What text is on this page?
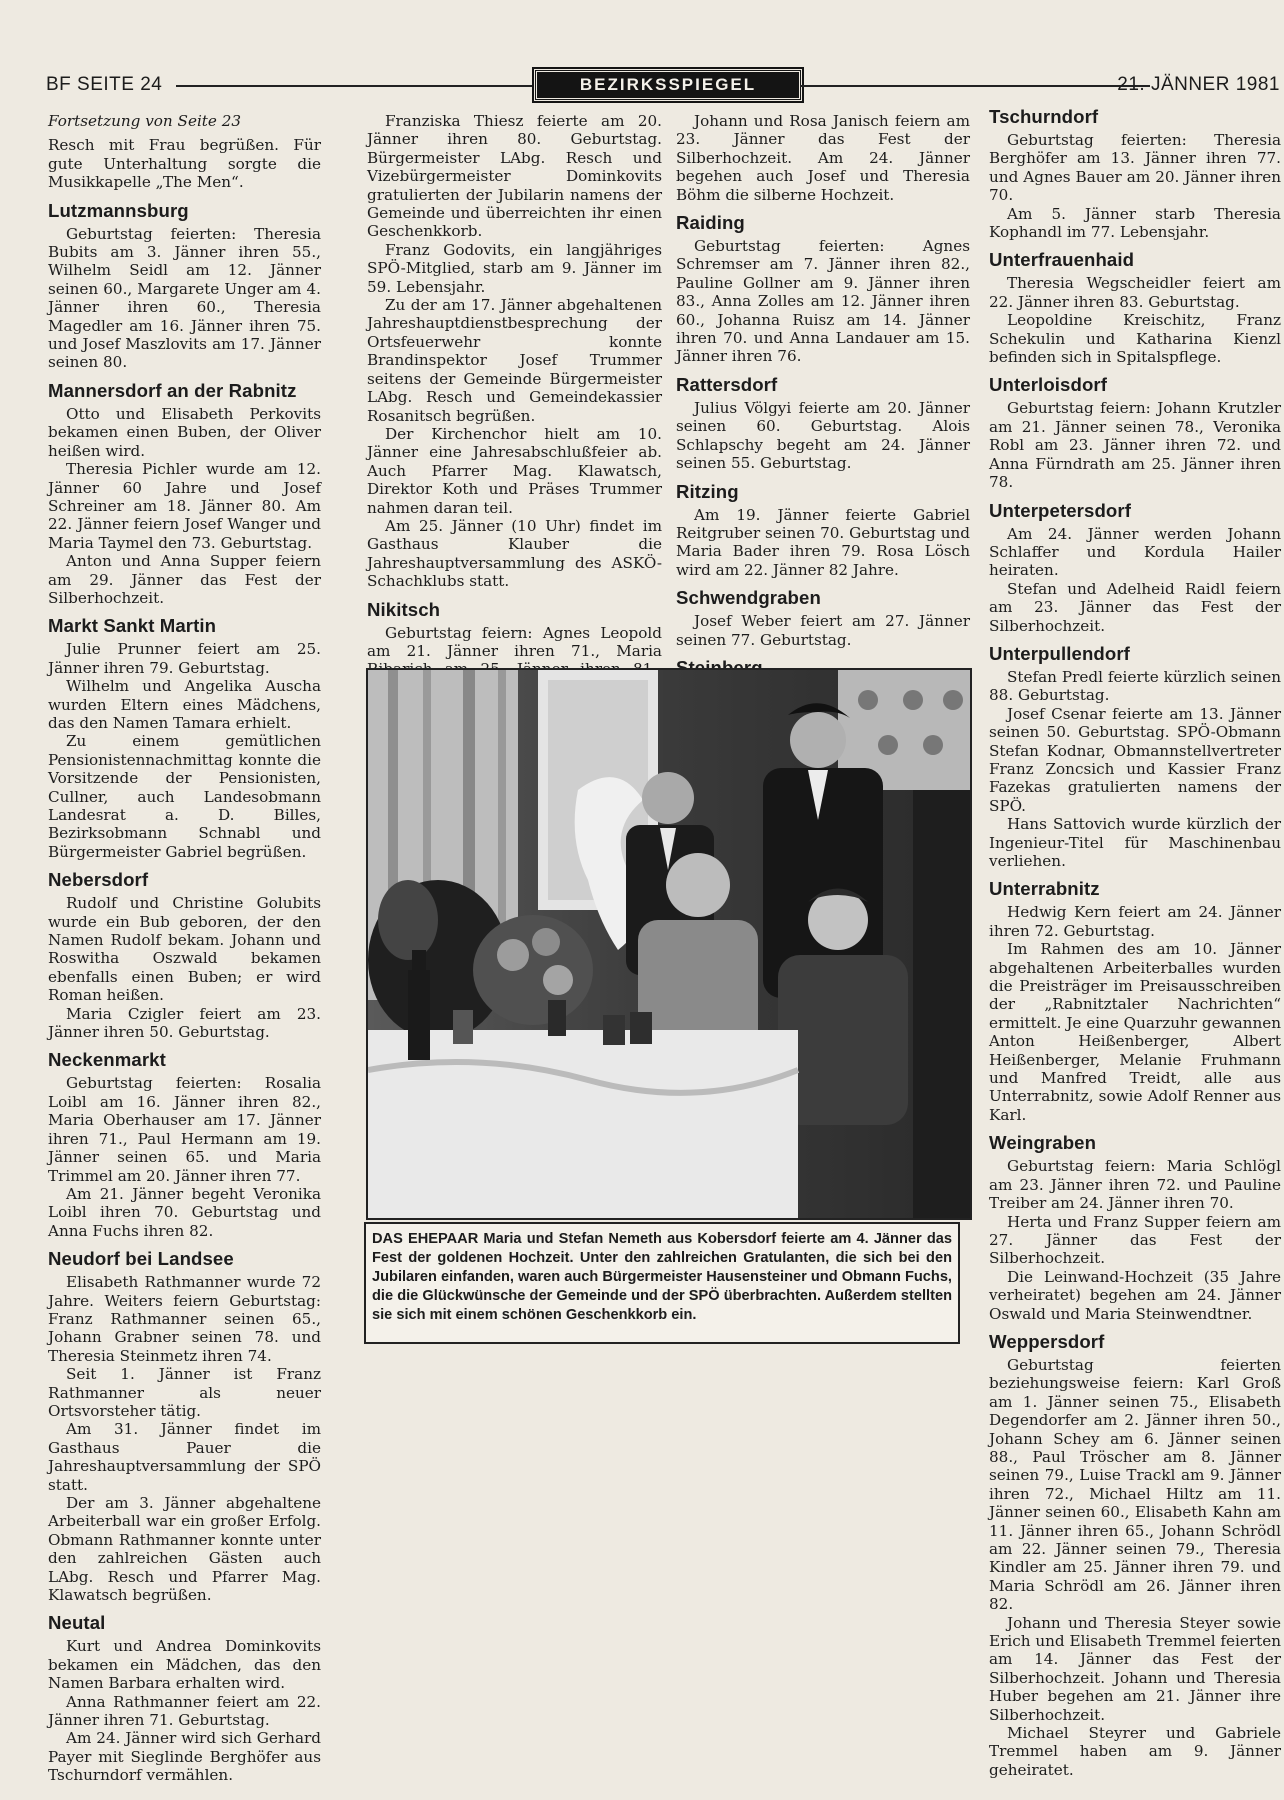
BF SEITE 24	BEZIRKSSPIEGEL	21. JÄNNER 1981

Fortsetzung von Seite 23

Resch mit Frau begrüßen. Für gute Unterhaltung sorgte die Musikkapelle „The Men“.

Lutzmannsburg

Geburtstag feierten: Theresia Bubits am 3. Jänner ihren 55., Wilhelm Seidl am 12. Jänner seinen 60., Margarete Unger am 4. Jänner ihren 60., Theresia Magedler am 16. Jänner ihren 75. und Josef Maszlovits am 17. Jänner seinen 80.

Mannersdorf an der Rabnitz

Otto und Elisabeth Perkovits bekamen einen Buben, der Oliver heißen wird.

Theresia Pichler wurde am 12. Jänner 60 Jahre und Josef Schreiner am 18. Jänner 80. Am 22. Jänner feiern Josef Wanger und Maria Taymel den 73. Geburtstag.

Anton und Anna Supper feiern am 29. Jänner das Fest der Silberhochzeit.

Markt Sankt Martin

Julie Prunner feiert am 25. Jänner ihren 79. Geburtstag.

Wilhelm und Angelika Auscha wurden Eltern eines Mädchens, das den Namen Tamara erhielt.

Zu einem gemütlichen Pensionistennachmittag konnte die Vorsitzende der Pensionisten, Cullner, auch Landesobmann Landesrat a. D. Billes, Bezirksobmann Schnabl und Bürgermeister Gabriel begrüßen.

Nebersdorf

Rudolf und Christine Golubits wurde ein Bub geboren, der den Namen Rudolf bekam. Johann und Roswitha Oszwald bekamen ebenfalls einen Buben; er wird Roman heißen.

Maria Czigler feiert am 23. Jänner ihren 50. Geburtstag.

Neckenmarkt

Geburtstag feierten: Rosalia Loibl am 16. Jänner ihren 82., Maria Oberhauser am 17. Jänner ihren 71., Paul Hermann am 19. Jänner seinen 65. und Maria Trimmel am 20. Jänner ihren 77.

Am 21. Jänner begeht Veronika Loibl ihren 70. Geburtstag und Anna Fuchs ihren 82.

Neudorf bei Landsee

Elisabeth Rathmanner wurde 72 Jahre. Weiters feiern Geburtstag: Franz Rathmanner seinen 65., Johann Grabner seinen 78. und Theresia Steinmetz ihren 74.

Seit 1. Jänner ist Franz Rathmanner als neuer Ortsvorsteher tätig.

Am 31. Jänner findet im Gasthaus Pauer die Jahreshauptversammlung der SPÖ statt.

Der am 3. Jänner abgehaltene Arbeiterball war ein großer Erfolg. Obmann Rathmanner konnte unter den zahlreichen Gästen auch LAbg. Resch und Pfarrer Mag. Klawatsch begrüßen.

Neutal

Kurt und Andrea Dominkovits bekamen ein Mädchen, das den Namen Barbara erhalten wird.

Anna Rathmanner feiert am 22. Jänner ihren 71. Geburtstag.

Am 24. Jänner wird sich Gerhard Payer mit Sieglinde Berghöfer aus Tschurndorf vermählen.

Franziska Thiesz feierte am 20. Jänner ihren 80. Geburtstag. Bürgermeister LAbg. Resch und Vizebürgermeister Dominkovits gratulierten der Jubilarin namens der Gemeinde und überreichten ihr einen Geschenkkorb.

Franz Godovits, ein langjähriges SPÖ-Mitglied, starb am 9. Jänner im 59. Lebensjahr.

Zu der am 17. Jänner abgehaltenen Jahreshauptdienstbesprechung der Ortsfeuerwehr konnte Brandinspektor Josef Trummer seitens der Gemeinde Bürgermeister LAbg. Resch und Gemeindekassier Rosanitsch begrüßen.

Der Kirchenchor hielt am 10. Jänner eine Jahresabschlußfeier ab. Auch Pfarrer Mag. Klawatsch, Direktor Koth und Präses Trummer nahmen daran teil.

Am 25. Jänner (10 Uhr) findet im Gasthaus Klauber die Jahreshauptversammlung des ASKÖ-Schachklubs statt.

Nikitsch

Geburtstag feiern: Agnes Leopold am 21. Jänner ihren 71., Maria

Johann und Rosa Janisch feiern am 23. Jänner das Fest der Silberhochzeit. Am 24. Jänner begehen auch Josef und Theresia Böhm die silberne Hochzeit.

Raiding

Geburtstag feierten: Agnes Schremser am 7. Jänner ihren 82., Pauline Gollner am 9. Jänner ihren 83., Anna Zolles am 12. Jänner ihren 60., Johanna Ruisz am 14. Jänner ihren 70. und Anna Landauer am 15. Jänner ihren 76.

Rattersdorf

Julius Völgyi feierte am 20. Jänner seinen 60. Geburtstag. Alois Schlapschy begeht am 24. Jänner seinen 55. Geburtstag.

Ritzing

Am 19. Jänner feierte Gabriel Reitgruber seinen 70. Geburtstag und Maria Bader ihren 79. Rosa Lösch wird am 22. Jänner 82 Jahre.

Schwendgraben

Josef Weber feiert am 27. Jänner seinen 77. Geburtstag.

Tschurndorf

Geburtstag feierten: Theresia Berghöfer am 13. Jänner ihren 77. und Agnes Bauer am 20. Jänner ihren 70.

Am 5. Jänner starb Theresia Kophandl im 77. Lebensjahr.

Unterfrauenhaid

Theresia Wegscheidler feiert am 22. Jänner ihren 83. Geburtstag.

Leopoldine Kreischitz, Franz Schekulin und Katharina Kienzl befinden sich in Spitalspflege.

Unterloisdorf

Geburtstag feiern: Johann Krutzler am 21. Jänner seinen 78., Veronika Robl am 23. Jänner ihren 72. und Anna Fürndrath am 25. Jänner ihren 78.

Unterpetersdorf

Am 24. Jänner werden Johann Schlaffer und Kordula Hailer heiraten.

Stefan und Adelheid Raidl feiern am 23. Jänner das Fest der Silberhochzeit.

Unterpullendorf

Stefan Predl feierte kürzlich seinen 88. Geburtstag.

Josef Csenar feierte am 13. Jänner seinen 50. Geburtstag. SPÖ-Obmann Stefan Kodnar, Obmannstellvertreter Franz Zoncsich und Kassier Franz Fazekas gratulierten namens der SPÖ.

Hans Sattovich wurde kürzlich der Ingenieur-Titel für Maschinenbau verliehen.

Unterrabnitz

Hedwig Kern feiert am 24. Jänner ihren 72. Geburtstag.

Im Rahmen des am 10. Jänner abgehaltenen Arbeiterballes wurden die Preisträger im Preisausschreiben der „Rabnitztaler Nachrichten“ ermittelt. Je eine Quarzuhr gewannen Anton Heißenberger, Albert Heißenberger, Melanie Fruhmann und Manfred Treidt, alle aus Unterrabnitz, sowie Adolf Renner aus Karl.

Weingraben

Geburtstag feiern: Maria Schlögl am 23. Jänner ihren 72. und Pauline Treiber am 24. Jänner ihren 70.

Herta und Franz Supper feiern am 27. Jänner das Fest der Silberhochzeit.

Die Leinwand-Hochzeit (35 Jahre verheiratet) begehen am 24. Jänner Oswald und Maria Steinwendtner.

Weppersdorf

Geburtstag feierten beziehungsweise feiern: Karl Groß am 1. Jänner seinen 75., Elisabeth Degendorfer am 2. Jänner ihren 50., Johann Schey am 6. Jänner seinen 88., Paul Tröscher am 8. Jänner seinen 79., Luise Trackl am 9. Jänner ihren 72., Michael Hiltz am 11. Jänner seinen 60., Elisabeth Kahn am 11. Jänner ihren 65., Johann Schrödl am 22. Jänner seinen 79., Theresia Kindler am 25. Jänner ihren 79. und Maria Schrödl am 26. Jänner ihren 82.

Johann und Theresia Steyer sowie Erich und Elisabeth Tremmel feierten am 14. Jänner das Fest der Silberhochzeit. Johann und Theresia Huber begehen am 21. Jänner ihre Silberhochzeit.

Michael Steyrer und Gabriele Tremmel haben am 9. Jänner geheiratet.

DAS EHEPAAR Maria und Stefan Nemeth aus Kobersdorf feierte am 4. Jänner das Fest der goldenen Hochzeit. Unter den zahlreichen Gratulanten, die sich bei den Jubilaren einfanden, waren auch Bürgermeister Hausensteiner und Obmann Fuchs, die die Glückwünsche der Gemeinde und der SPÖ überbrachten. Außerdem stellten sie sich mit einem schönen Geschenkkorb ein.
